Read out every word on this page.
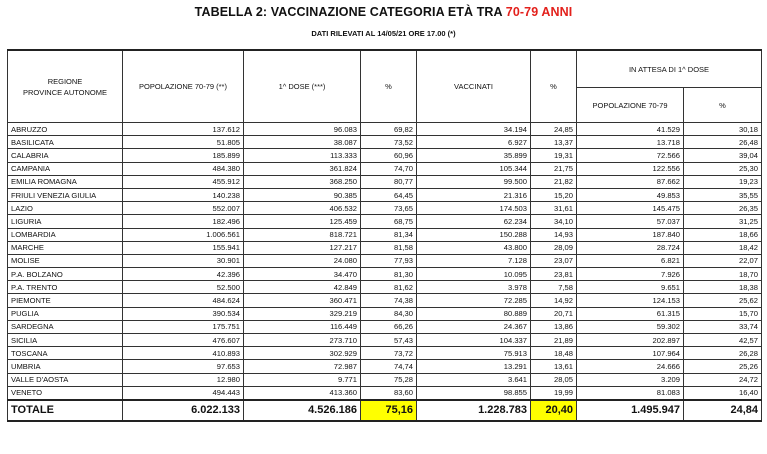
TABELLA 2: VACCINAZIONE CATEGORIA ETÀ TRA 70-79 ANNI
DATI RILEVATI AL 14/05/21 ORE 17.00 (*)
REGIONE
PROVINCE AUTONOME	POPOLAZIONE 70-79 (**)	1^ DOSE (***)	%	VACCINATI	%	IN ATTESA DI 1^ DOSE	
						POPOLAZIONE 70-79	%
ABRUZZO	137.612	96.083	69,82	34.194	24,85	41.529	30,18
BASILICATA	51.805	38.087	73,52	6.927	13,37	13.718	26,48
CALABRIA	185.899	113.333	60,96	35.899	19,31	72.566	39,04
CAMPANIA	484.380	361.824	74,70	105.344	21,75	122.556	25,30
EMILIA ROMAGNA	455.912	368.250	80,77	99.500	21,82	87.662	19,23
FRIULI VENEZIA GIULIA	140.238	90.385	64,45	21.316	15,20	49.853	35,55
LAZIO	552.007	406.532	73,65	174.503	31,61	145.475	26,35
LIGURIA	182.496	125.459	68,75	62.234	34,10	57.037	31,25
LOMBARDIA	1.006.561	818.721	81,34	150.288	14,93	187.840	18,66
MARCHE	155.941	127.217	81,58	43.800	28,09	28.724	18,42
MOLISE	30.901	24.080	77,93	7.128	23,07	6.821	22,07
P.A. BOLZANO	42.396	34.470	81,30	10.095	23,81	7.926	18,70
P.A. TRENTO	52.500	42.849	81,62	3.978	7,58	9.651	18,38
PIEMONTE	484.624	360.471	74,38	72.285	14,92	124.153	25,62
PUGLIA	390.534	329.219	84,30	80.889	20,71	61.315	15,70
SARDEGNA	175.751	116.449	66,26	24.367	13,86	59.302	33,74
SICILIA	476.607	273.710	57,43	104.337	21,89	202.897	42,57
TOSCANA	410.893	302.929	73,72	75.913	18,48	107.964	26,28
UMBRIA	97.653	72.987	74,74	13.291	13,61	24.666	25,26
VALLE D'AOSTA	12.980	9.771	75,28	3.641	28,05	3.209	24,72
VENETO	494.443	413.360	83,60	98.855	19,99	81.083	16,40
TOTALE	6.022.133	4.526.186	75,16	1.228.783	20,40	1.495.947	24,84
